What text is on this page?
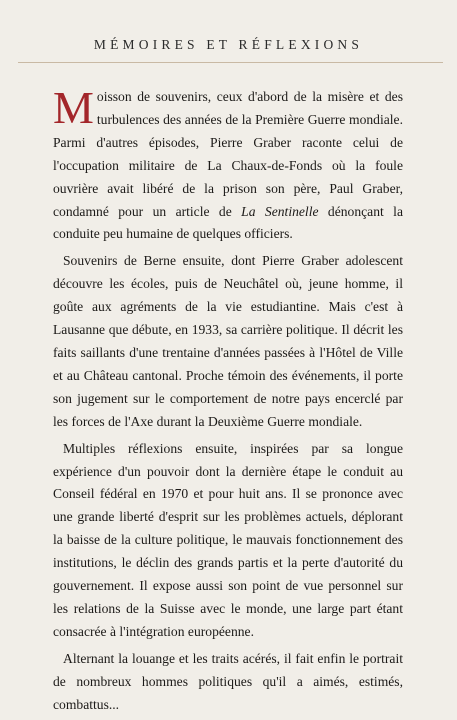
MÉMOIRES ET RÉFLEXIONS

Moisson de souvenirs, ceux d'abord de la misère et des turbulences des années de la Première Guerre mondiale. Parmi d'autres épisodes, Pierre Graber raconte celui de l'occupation militaire de La Chaux-de-Fonds où la foule ouvrière avait libéré de la prison son père, Paul Graber, condamné pour un article de La Sentinelle dénonçant la conduite peu humaine de quelques officiers.

Souvenirs de Berne ensuite, dont Pierre Graber adolescent découvre les écoles, puis de Neuchâtel où, jeune homme, il goûte aux agréments de la vie estudiantine. Mais c'est à Lausanne que débute, en 1933, sa carrière politique. Il décrit les faits saillants d'une trentaine d'années passées à l'Hôtel de Ville et au Château cantonal. Proche témoin des événements, il porte son jugement sur le comportement de notre pays encerclé par les forces de l'Axe durant la Deuxième Guerre mondiale.

Multiples réflexions ensuite, inspirées par sa longue expérience d'un pouvoir dont la dernière étape le conduit au Conseil fédéral en 1970 et pour huit ans. Il se prononce avec une grande liberté d'esprit sur les problèmes actuels, déplorant la baisse de la culture politique, le mauvais fonctionnement des institutions, le déclin des grands partis et la perte d'autorité du gouvernement. Il expose aussi son point de vue personnel sur les relations de la Suisse avec le monde, une large part étant consacrée à l'intégration européenne.

Alternant la louange et les traits acérés, il fait enfin le portrait de nombreux hommes politiques qu'il a aimés, estimés, combattus...
